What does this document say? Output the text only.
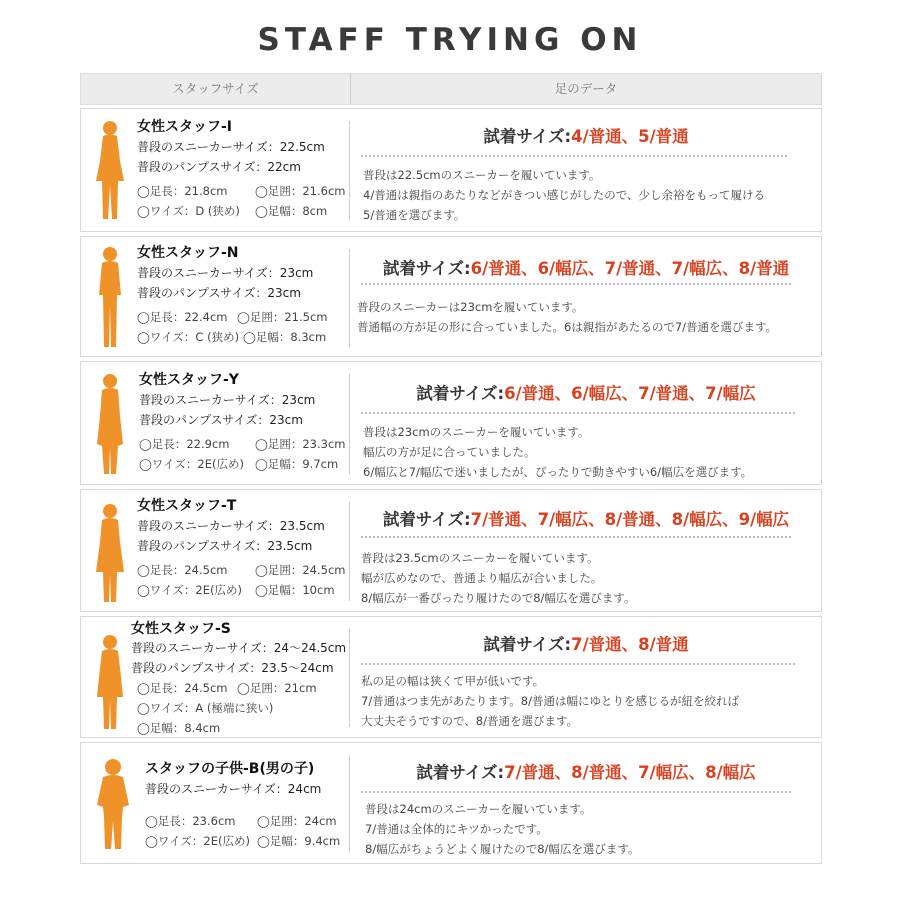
STAFF TRYING ON
スタッフサイズ	足のデータ
女性スタッフ-I
普段のスニーカーサイズ：22.5cm
普段のパンプスサイズ：22cm
◯足長：21.8cm	◯足囲：21.6cm
◯ワイズ：D (狭め)	◯足幅：8cm
試着サイズ:4/普通、5/普通
普段は22.5cmのスニーカーを履いています。
4/普通は親指のあたりなどがきつい感じがしたので、少し余裕をもって履ける
5/普通を選びます。
女性スタッフ-N
普段のスニーカーサイズ：23cm
普段のパンプスサイズ：23cm
◯足長：22.4cm ◯足囲：21.5cm
◯ワイズ：C (狭め) ◯足幅：8.3cm
試着サイズ:6/普通、6/幅広、7/普通、7/幅広、8/普通
普段のスニーカーは23cmを履いています。
普通幅の方が足の形に合っていました。6は親指があたるので7/普通を選びます。
女性スタッフ-Y
普段のスニーカーサイズ：23cm
普段のパンプスサイズ：23cm
◯足長：22.9cm	◯足囲：23.3cm
◯ワイズ：2E(広め) ◯足幅：9.7cm
試着サイズ:6/普通、6/幅広、7/普通、7/幅広
普段は23cmのスニーカーを履いています。
幅広の方が足に合っていました。
6/幅広と7/幅広で迷いましたが、ぴったりで動きやすい6/幅広を選びます。
女性スタッフ-T
普段のスニーカーサイズ：23.5cm
普段のパンプスサイズ：23.5cm
◯足長：24.5cm	◯足囲：24.5cm
◯ワイズ：2E(広め)	◯足幅：10cm
試着サイズ:7/普通、7/幅広、8/普通、8/幅広、9/幅広
普段は23.5cmのスニーカーを履いています。
幅が広めなので、普通より幅広が合いました。
8/幅広が一番ぴったり履けたので8/幅広を選びます。
女性スタッフ-S
普段のスニーカーサイズ：24〜24.5cm
普段のパンプスサイズ：23.5〜24cm
◯足長：24.5cm ◯足囲：21cm
◯ワイズ：A (極端に狭い)
◯足幅：8.4cm
試着サイズ:7/普通、8/普通
私の足の幅は狭くて甲が低いです。
7/普通はつま先があたります。8/普通は幅にゆとりを感じるが紐を絞れば
大丈夫そうですので、8/普通を選びます。
スタッフの子供-B(男の子)
普段のスニーカーサイズ：24cm
◯足長：23.6cm	◯足囲：24cm
◯ワイズ：2E(広め) ◯足幅：9.4cm
試着サイズ:7/普通、8/普通、7/幅広、8/幅広
普段は24cmのスニーカーを履いています。
7/普通は全体的にキツかったです。
8/幅広がちょうどよく履けたので8/幅広を選びます。
